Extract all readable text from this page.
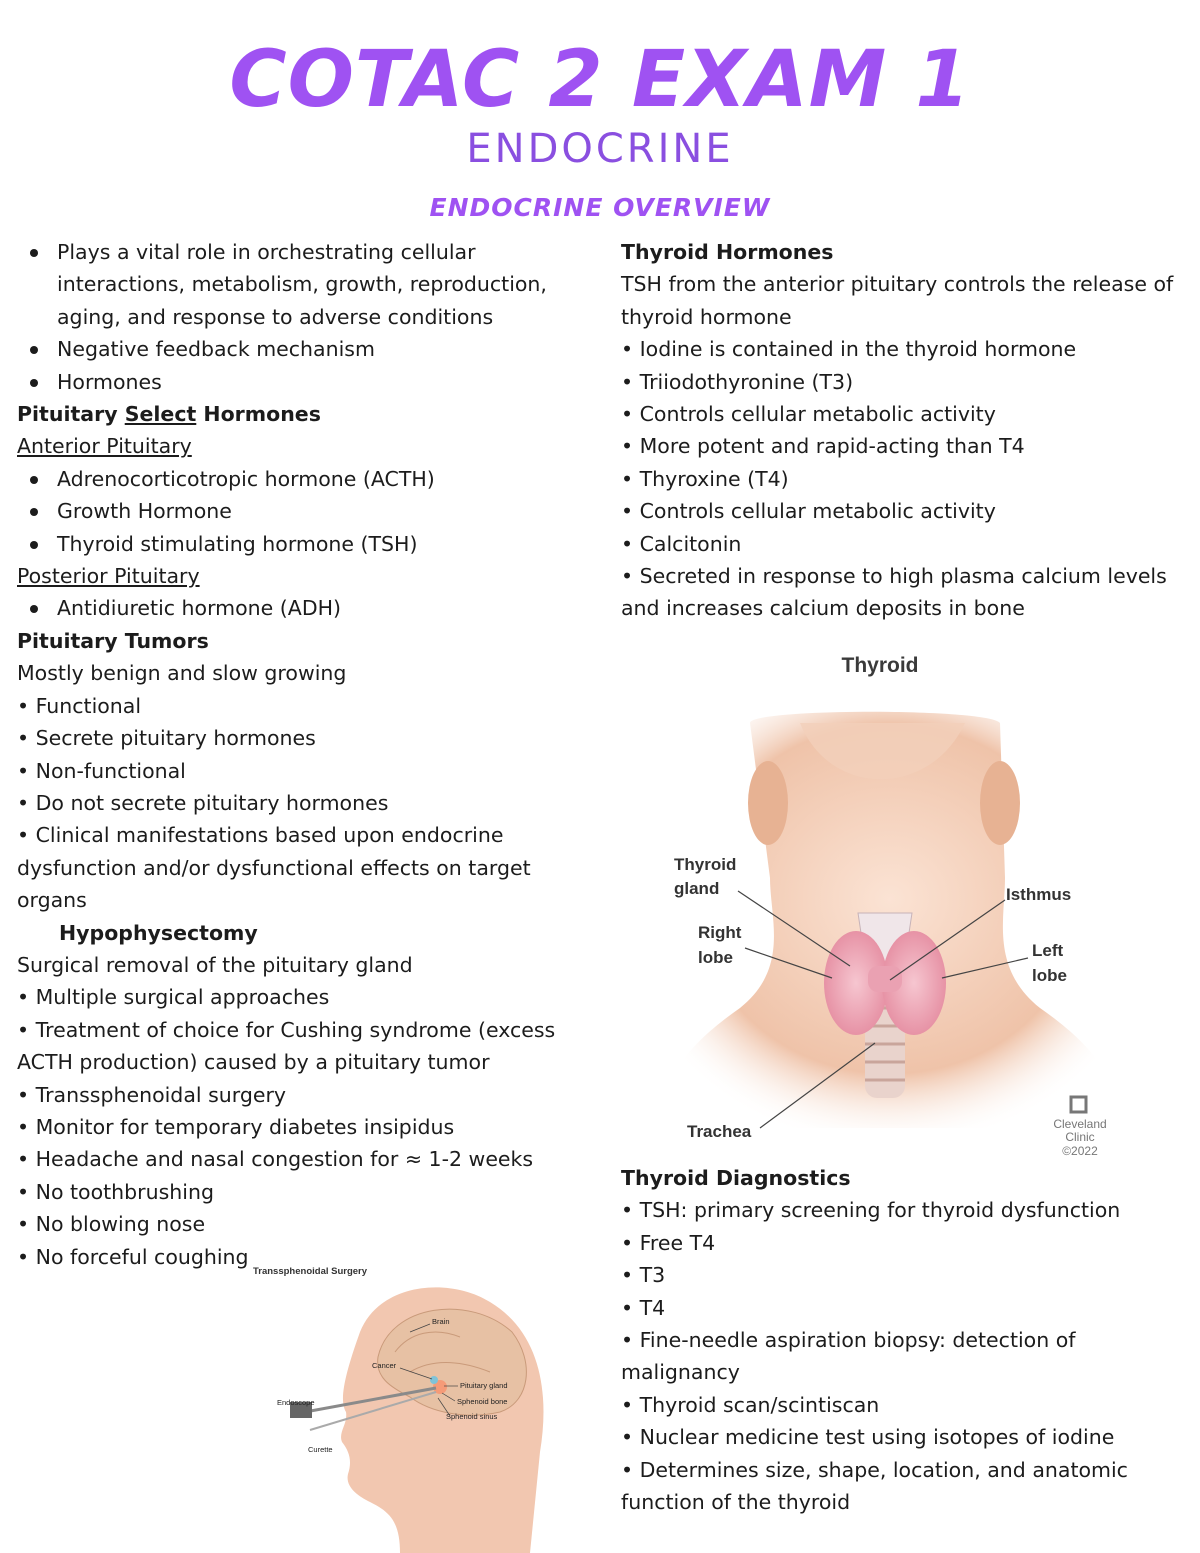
COTAC 2 EXAM 1
ENDOCRINE
ENDOCRINE OVERVIEW
Plays a vital role in orchestrating cellular interactions, metabolism, growth, reproduction, aging, and response to adverse conditions
Negative feedback mechanism
Hormones
Pituitary Select Hormones
Anterior Pituitary
Adrenocorticotropic hormone (ACTH)
Growth Hormone
Thyroid stimulating hormone (TSH)
Posterior Pituitary
Antidiuretic hormone (ADH)
Pituitary Tumors
Mostly benign and slow growing
• Functional
• Secrete pituitary hormones
• Non-functional
• Do not secrete pituitary hormones
• Clinical manifestations based upon endocrine dysfunction and/or dysfunctional effects on target organs
Hypophysectomy
Surgical removal of the pituitary gland
• Multiple surgical approaches
• Treatment of choice for Cushing syndrome (excess ACTH production) caused by a pituitary tumor
• Transsphenoidal surgery
• Monitor for temporary diabetes insipidus
• Headache and nasal congestion for ≈ 1-2 weeks
• No toothbrushing
• No blowing nose
• No forceful coughing
Thyroid Hormones
TSH from the anterior pituitary controls the release of thyroid hormone
• Iodine is contained in the thyroid hormone
• Triiodothyronine (T3)
• Controls cellular metabolic activity
• More potent and rapid-acting than T4
• Thyroxine (T4)
• Controls cellular metabolic activity
• Calcitonin
• Secreted in response to high plasma calcium levels and increases calcium deposits in bone
Thyroid Diagnostics
• TSH: primary screening for thyroid dysfunction
• Free T4
• T3
• T4
• Fine-needle aspiration biopsy: detection of malignancy
• Thyroid scan/scintiscan
• Nuclear medicine test using isotopes of iodine
• Determines size, shape, location, and anatomic function of the thyroid
Thyroid
Thyroid
gland	Isthmus
Right
lobe	Left
lobe
Trachea	Cleveland
Clinic
©2022
Transsphenoidal Surgery
Brain
Cancer
Pituitary gland
Sphenoid bone
Sphenoid sinus
Endoscope
Curette
